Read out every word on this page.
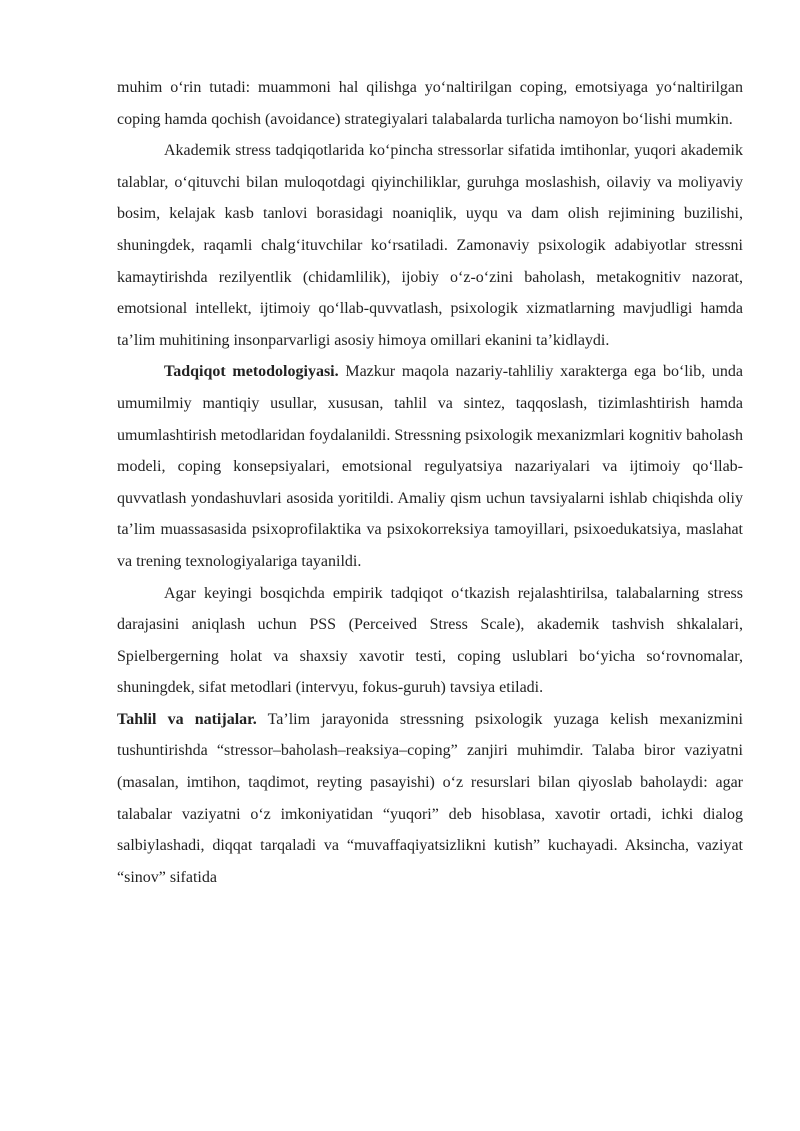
muhim o‘rin tutadi: muammoni hal qilishga yo‘naltirilgan coping, emotsiyaga yo‘naltirilgan coping hamda qochish (avoidance) strategiyalari talabalarda turlicha namoyon bo‘lishi mumkin.

Akademik stress tadqiqotlarida ko‘pincha stressorlar sifatida imtihonlar, yuqori akademik talablar, o‘qituvchi bilan muloqotdagi qiyinchiliklar, guruhga moslashish, oilaviy va moliyaviy bosim, kelajak kasb tanlovi borasidagi noaniqlik, uyqu va dam olish rejimining buzilishi, shuningdek, raqamli chalg‘ituvchilar ko‘rsatiladi. Zamonaviy psixologik adabiyotlar stressni kamaytirishda rezilyentlik (chidamlilik), ijobiy o‘z-o‘zini baholash, metakognitiv nazorat, emotsional intellekt, ijtimoiy qo‘llab-quvvatlash, psixologik xizmatlarning mavjudligi hamda ta’lim muhitining insonparvarligi asosiy himoya omillari ekanini ta’kidlaydi.

Tadqiqot metodologiyasi. Mazkur maqola nazariy-tahliliy xarakterga ega bo‘lib, unda umumilmiy mantiqiy usullar, xususan, tahlil va sintez, taqqoslash, tizimlashtirish hamda umumlashtirish metodlaridan foydalanildi. Stressning psixologik mexanizmlari kognitiv baholash modeli, coping konsepsiyalari, emotsional regulyatsiya nazariyalari va ijtimoiy qo‘llab-quvvatlash yondashuvlari asosida yoritildi. Amaliy qism uchun tavsiyalarni ishlab chiqishda oliy ta’lim muassasasida psixoprofilaktika va psixokorreksiya tamoyillari, psixoedukatsiya, maslahat va trening texnologiyalariga tayanildi.

Agar keyingi bosqichda empirik tadqiqot o‘tkazish rejalashtirilsa, talabalarning stress darajasini aniqlash uchun PSS (Perceived Stress Scale), akademik tashvish shkalalari, Spielbergerning holat va shaxsiy xavotir testi, coping uslublari bo‘yicha so‘rovnomalar, shuningdek, sifat metodlari (intervyu, fokus-guruh) tavsiya etiladi.

Tahlil va natijalar. Ta’lim jarayonida stressning psixologik yuzaga kelish mexanizmini tushuntirishda “stressor–baholash–reaksiya–coping” zanjiri muhimdir. Talaba biror vaziyatni (masalan, imtihon, taqdimot, reyting pasayishi) o‘z resurslari bilan qiyoslab baholaydi: agar talabalar vaziyatni o‘z imkoniyatidan “yuqori” deb hisoblasa, xavotir ortadi, ichki dialog salbiylashadi, diqqat tarqaladi va “muvaffaqiyatsizlikni kutish” kuchayadi. Aksincha, vaziyat “sinov” sifatida
